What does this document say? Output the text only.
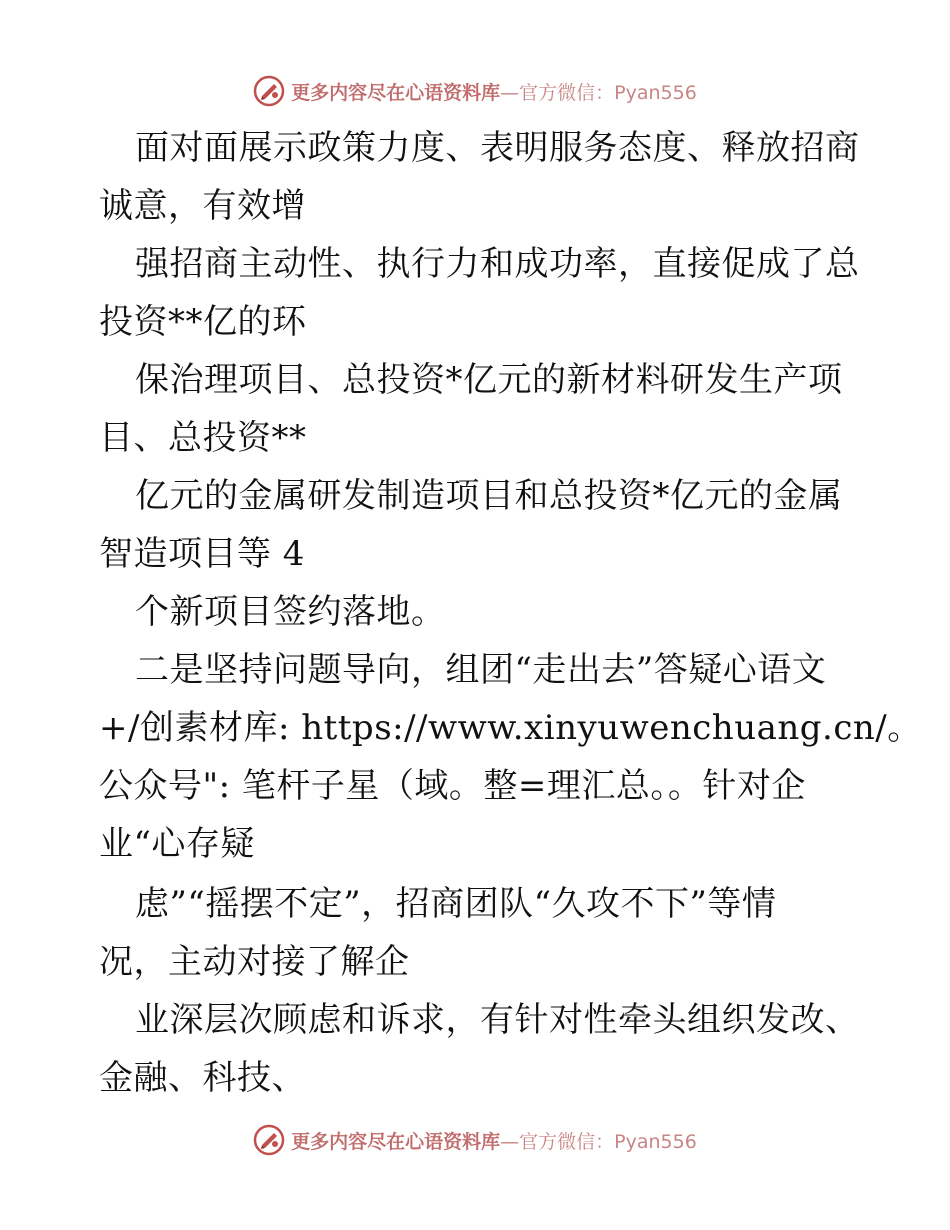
更多内容尽在心语资料库—官方微信：Pyan556
面对面展示政策力度、表明服务态度、释放招商
诚意，有效增
强招商主动性、执行力和成功率，直接促成了总
投资**亿的环
保治理项目、总投资*亿元的新材料研发生产项
目、总投资**
亿元的金属研发制造项目和总投资*亿元的金属
智造项目等 4
个新项目签约落地。
二是坚持问题导向，组团“走出去”答疑心语文
+/创素材库: https://www.xinyuwenchuang.cn/。
公众号": 笔杆子星（域。整=理汇总。。针对企
业“心存疑
虑”“摇摆不定”，招商团队“久攻不下”等情
况，主动对接了解企
业深层次顾虑和诉求，有针对性牵头组织发改、
金融、科技、
更多内容尽在心语资料库—官方微信：Pyan556
